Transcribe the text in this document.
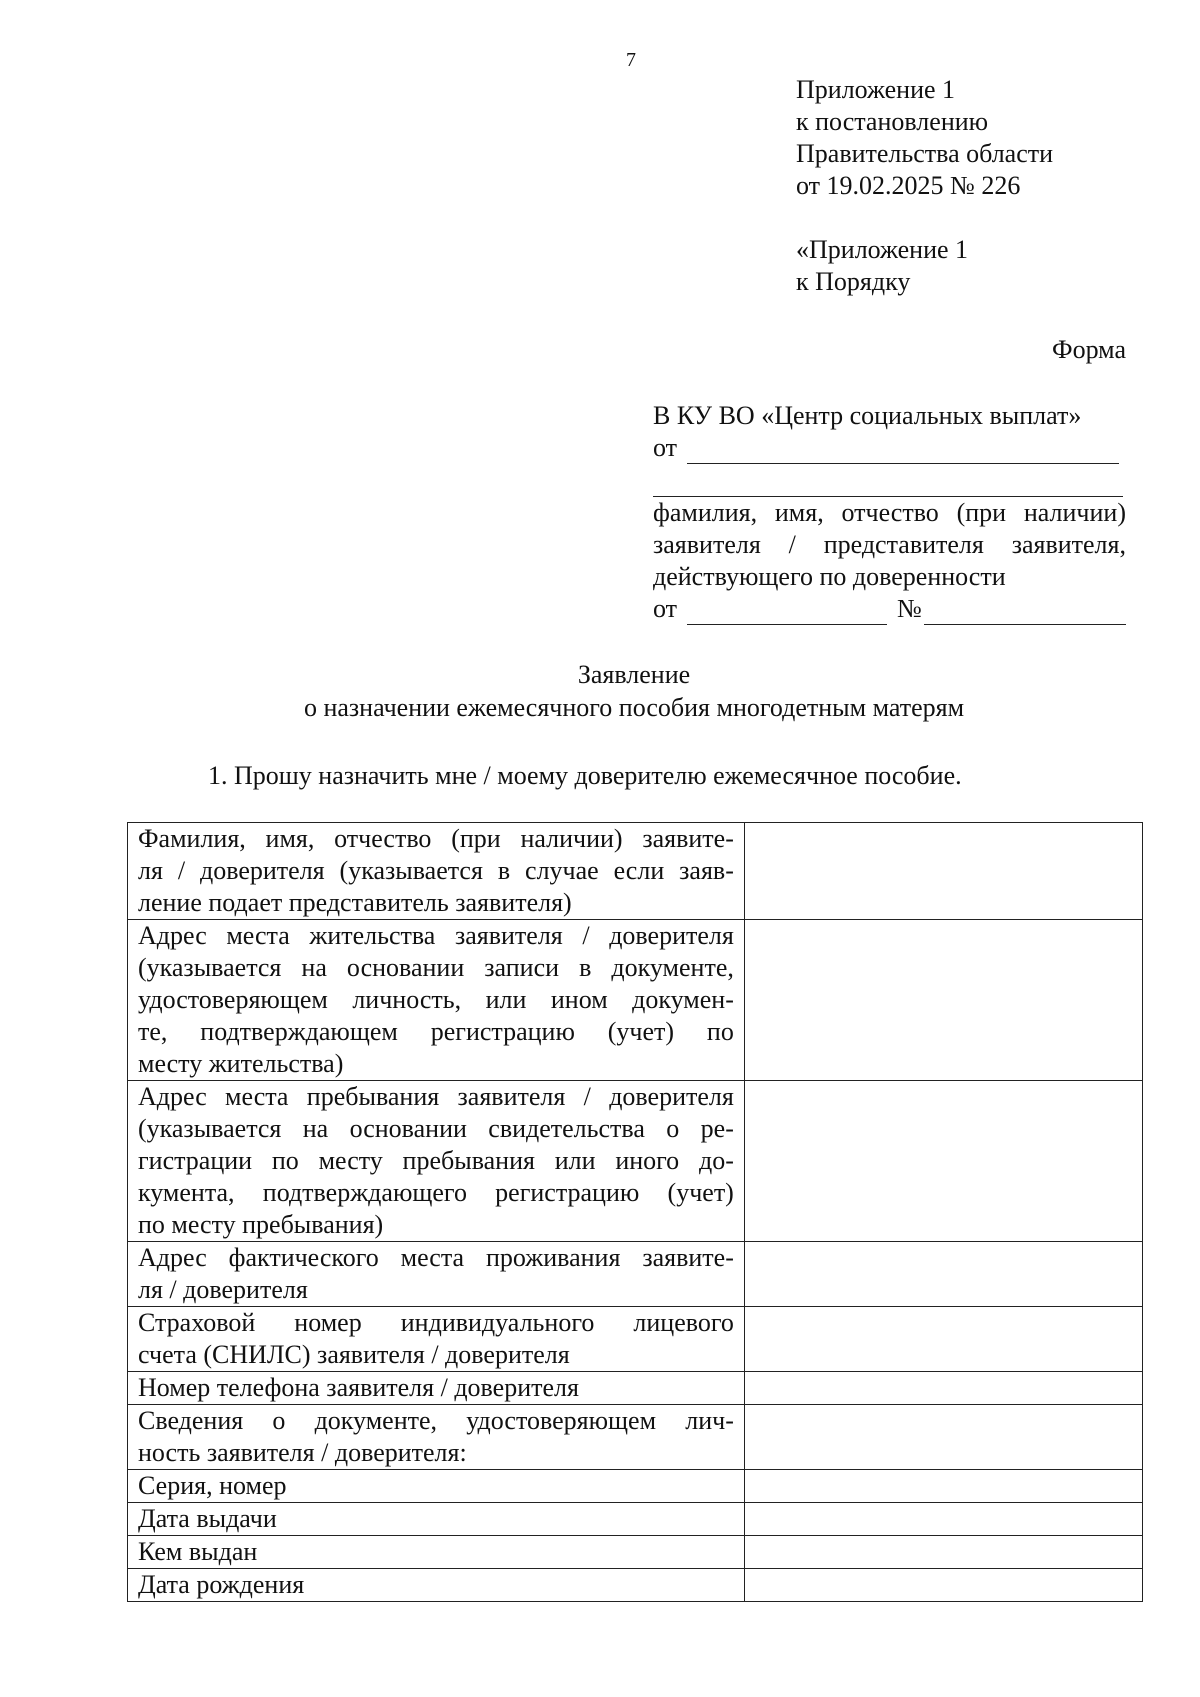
7
Приложение 1
к постановлению
Правительства области
от 19.02.2025 № 226
«Приложение 1
к Порядку
Форма
В КУ ВО «Центр социальных выплат»
от
фамилия, имя, отчество (при наличии)
заявителя / представителя заявителя,
действующего по доверенности
от	№
Заявление
о назначении ежемесячного пособия многодетным матерям
1. Прошу назначить мне / моему доверителю ежемесячное пособие.
Фамилия, имя, отчество (при наличии) заявите-
ля / доверителя (указывается в случае если заяв-
ление подает представитель заявителя)	

Адрес места жительства заявителя / доверителя
(указывается на основании записи в документе,
удостоверяющем личность, или ином докумен-
те, подтверждающем регистрацию (учет) по
месту жительства)	

Адрес места пребывания заявителя / доверителя
(указывается на основании свидетельства о ре-
гистрации по месту пребывания или иного до-
кумента, подтверждающего регистрацию (учет)
по месту пребывания)	

Адрес фактического места проживания заявите-
ля / доверителя	

Страховой номер индивидуального лицевого
счета (СНИЛС) заявителя / доверителя	

Номер телефона заявителя / доверителя	

Сведения о документе, удостоверяющем лич-
ность заявителя / доверителя:	

Серия, номер	

Дата выдачи	

Кем выдан	

Дата рождения	
